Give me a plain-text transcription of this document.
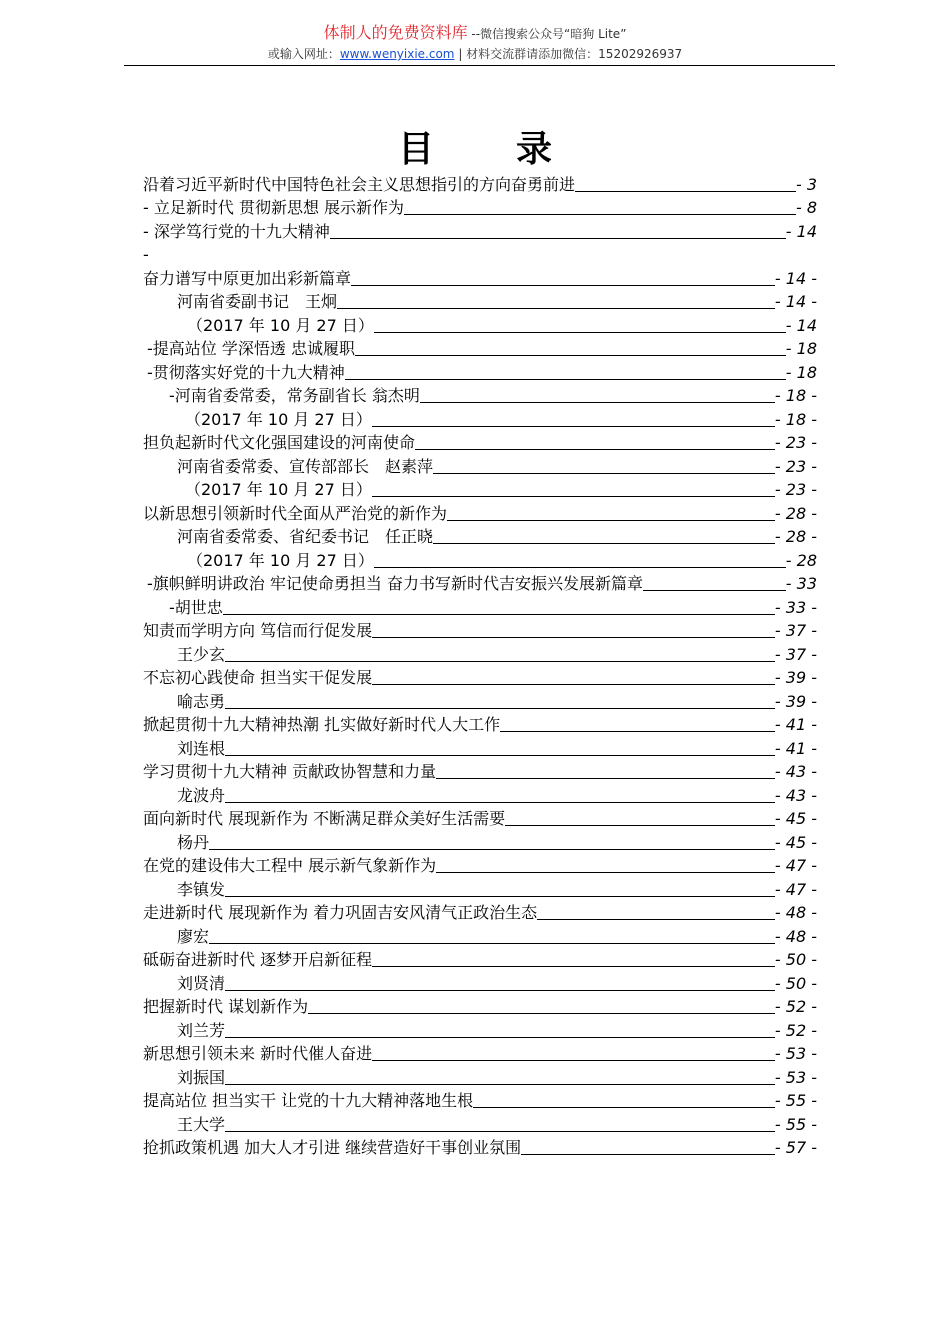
体制人的免费资料库 --微信搜索公众号“暗狗 Lite”
或输入网址：www.wenyixie.com | 材料交流群请添加微信：15202926937
目 录
沿着习近平新时代中国特色社会主义思想指引的方向奋勇前进	- 3
- 立足新时代 贯彻新思想 展示新作为	- 8
- 深学笃行党的十九大精神	- 14
-
奋力谱写中原更加出彩新篇章	- 14 -
河南省委副书记　王炯	- 14 -
（2017 年 10 月 27 日）	- 14
-提高站位 学深悟透 忠诚履职	- 18
-贯彻落实好党的十九大精神	- 18
-河南省委常委，常务副省长 翁杰明	- 18 -
（2017 年 10 月 27 日）	- 18 -
担负起新时代文化强国建设的河南使命	- 23 -
河南省委常委、宣传部部长　赵素萍	- 23 -
（2017 年 10 月 27 日）	- 23 -
以新思想引领新时代全面从严治党的新作为	- 28 -
河南省委常委、省纪委书记　任正晓	- 28 -
（2017 年 10 月 27 日）	- 28
-旗帜鲜明讲政治 牢记使命勇担当 奋力书写新时代吉安振兴发展新篇章	- 33
-胡世忠	- 33 -
知责而学明方向 笃信而行促发展	- 37 -
王少玄	- 37 -
不忘初心践使命 担当实干促发展	- 39 -
喻志勇	- 39 -
掀起贯彻十九大精神热潮 扎实做好新时代人大工作	- 41 -
刘连根	- 41 -
学习贯彻十九大精神 贡献政协智慧和力量	- 43 -
龙波舟	- 43 -
面向新时代 展现新作为 不断满足群众美好生活需要	- 45 -
杨丹	- 45 -
在党的建设伟大工程中 展示新气象新作为	- 47 -
李镇发	- 47 -
走进新时代 展现新作为 着力巩固吉安风清气正政治生态	- 48 -
廖宏	- 48 -
砥砺奋进新时代 逐梦开启新征程	- 50 -
刘贤清	- 50 -
把握新时代 谋划新作为	- 52 -
刘兰芳	- 52 -
新思想引领未来 新时代催人奋进	- 53 -
刘振国	- 53 -
提高站位 担当实干 让党的十九大精神落地生根	- 55 -
王大学	- 55 -
抢抓政策机遇 加大人才引进 继续营造好干事创业氛围	- 57 -
